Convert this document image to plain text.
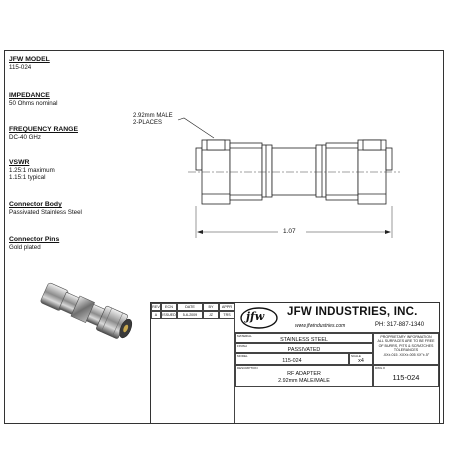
JFW MODEL
115-024
IMPEDANCE
50 Ohms nominal
FREQUENCY RANGE
DC-40 GHz
VSWR
1.25:1 maximum
1.15:1 typical
Connector Body
Passivated Stainless Steel
Connector Pins
Gold plated
2.92mm MALE
2-PLACES
1.07
REV	ECN	DATE	BY	APPR
A	ISSUED	5-6-2009	JZ	TRS	jfw JFW INDUSTRIES, INC.
www.jfwindustries.com	PH: 317-887-1340
MATERIAL
STAINLESS STEEL
FINISH
PASSIVATED
MODEL
115-024
SCALE
x4
DESCRIPTION
RF ADAPTER
2.92mm MALE/MALE
PROPRIETARY INFORMATION
ALL SURFACES ARE TO BE FREE
OF BURRS, PITS & SCRATCHES
TOLERANCES
.XX±.015 .XXX±.005 XX°±.5°
DWG #
115-024
